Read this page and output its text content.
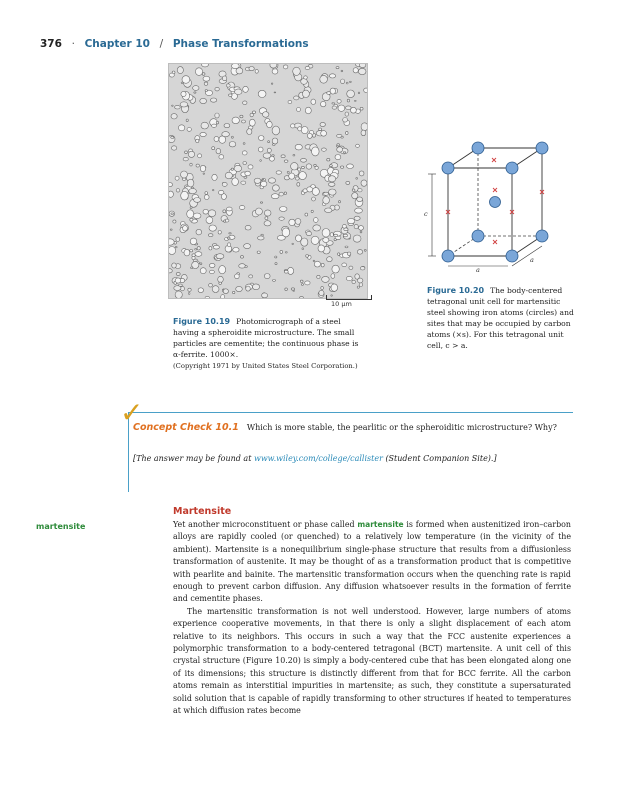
376 · Chapter 10 / Phase Transformations
10 μm
Figure 10.19 Photomicrograph of a steel having a spheroidite microstructure. The small particles are cementite; the continuous phase is α-ferrite. 1000×.
(Copyright 1971 by United States Steel Corporation.)
c
a
a
Figure 10.20 The body-centered tetragonal unit cell for martensitic steel showing iron atoms (circles) and sites that may be occupied by carbon atoms (×s). For this tetragonal unit cell, c > a.
✓
Concept Check 10.1 Which is more stable, the pearlitic or the spheroiditic microstructure? Why?
[The answer may be found at www.wiley.com/college/callister (Student Companion Site).]
Martensite
martensite	Yet another microconstituent or phase called martensite is formed when austenitized iron–carbon alloys are rapidly cooled (or quenched) to a relatively low temperature (in the vicinity of the ambient). Martensite is a nonequilibrium single-phase structure that results from a diffusionless transformation of austenite. It may be thought of as a transformation product that is competitive with pearlite and bainite. The martensitic transformation occurs when the quenching rate is rapid enough to prevent carbon diffusion. Any diffusion whatsoever results in the formation of ferrite and cementite phases.

The martensitic transformation is not well understood. However, large numbers of atoms experience cooperative movements, in that there is only a slight displacement of each atom relative to its neighbors. This occurs in such a way that the FCC austenite experiences a polymorphic transformation to a body-centered tetragonal (BCT) martensite. A unit cell of this crystal structure (Figure 10.20) is simply a body-centered cube that has been elongated along one of its dimensions; this structure is distinctly different from that for BCC ferrite. All the carbon atoms remain as interstitial impurities in martensite; as such, they constitute a supersaturated solid solution that is capable of rapidly transforming to other structures if heated to temperatures at which diffusion rates become
